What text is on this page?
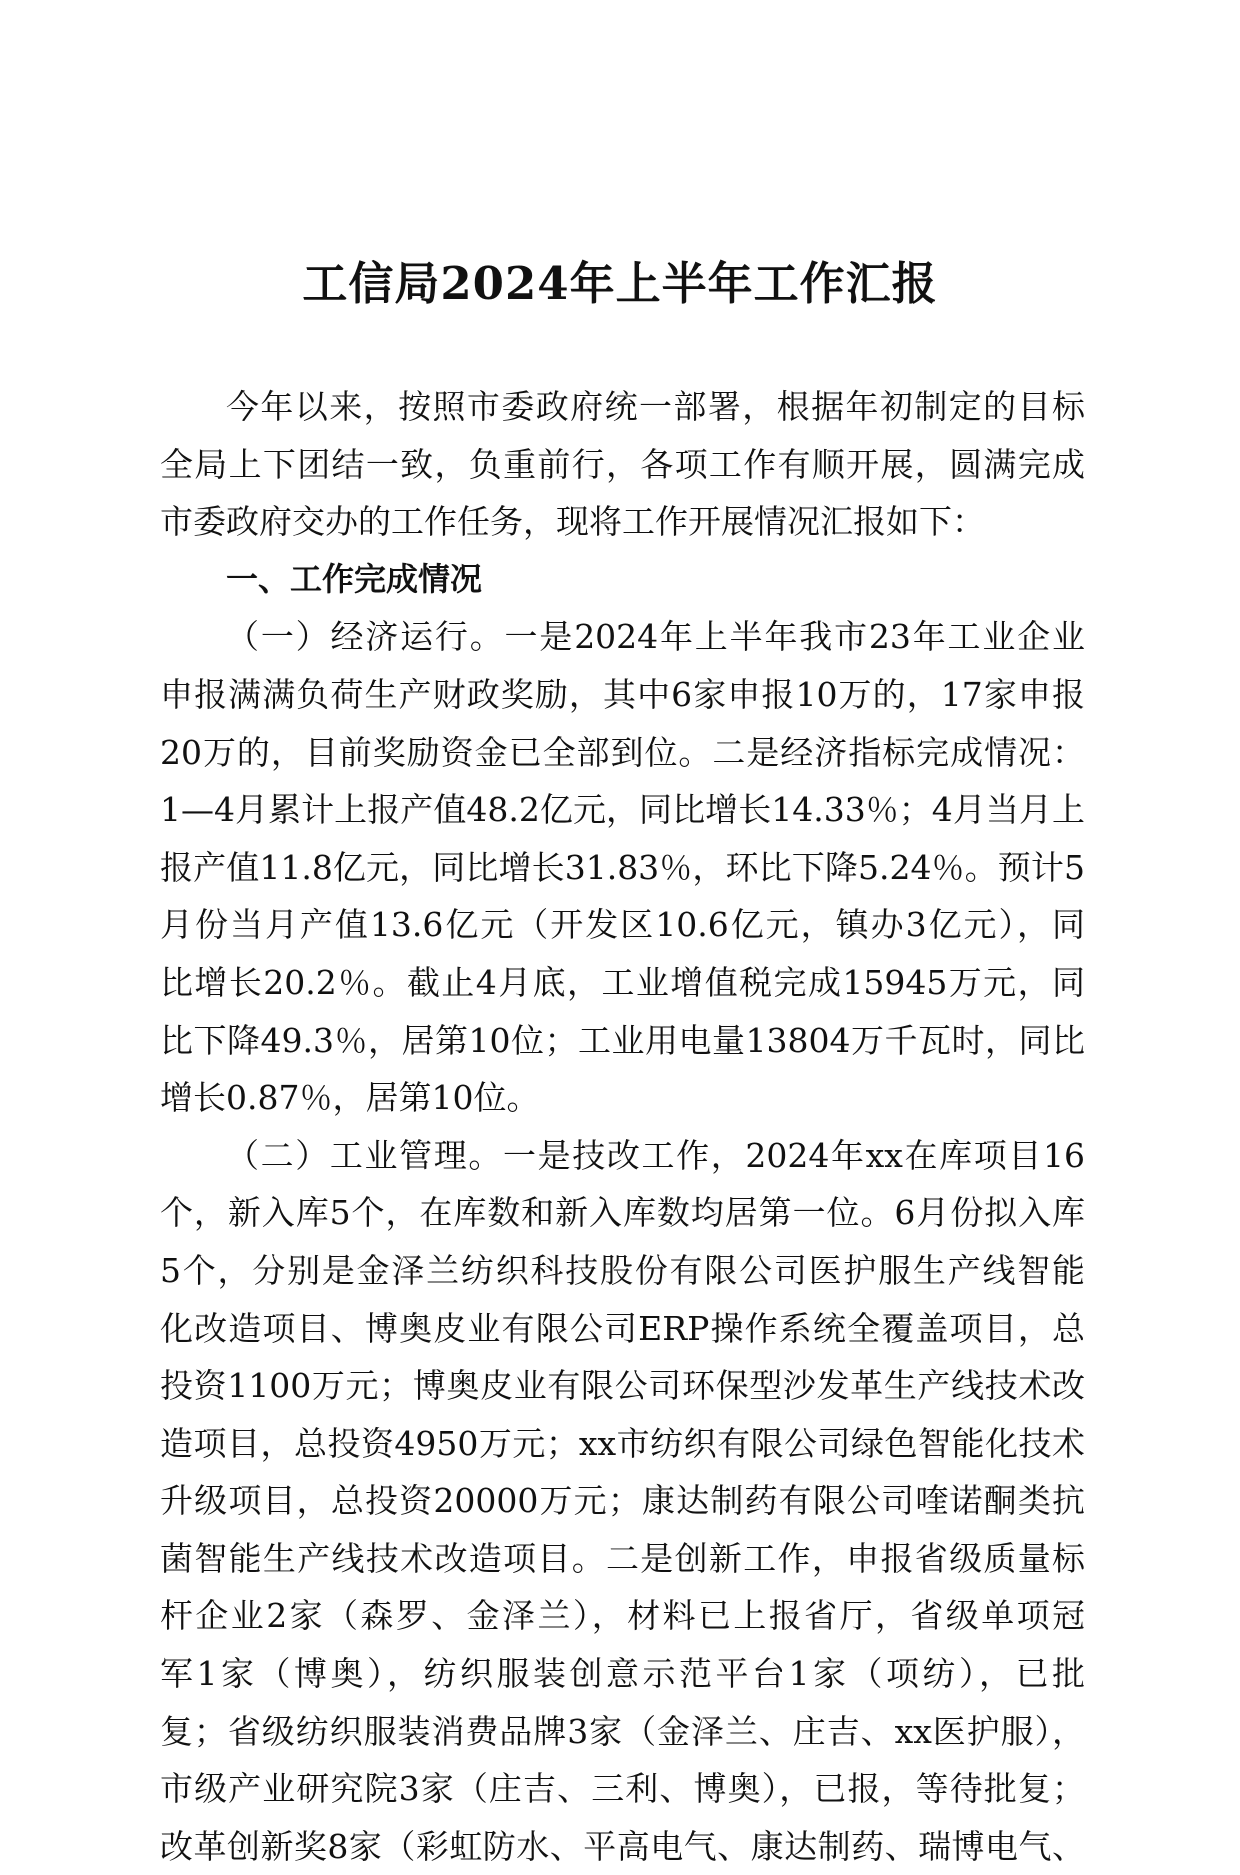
工信局2024年上半年工作汇报
今年以来，按照市委政府统一部署，根据年初制定的目标
全局上下团结一致，负重前行，各项工作有顺开展，圆满完成
市委政府交办的工作任务，现将工作开展情况汇报如下：
一、工作完成情况
（一）经济运行。一是2024年上半年我市23年工业企业
申报满满负荷生产财政奖励，其中6家申报10万的，17家申报
20万的，目前奖励资金已全部到位。二是经济指标完成情况：
1—4月累计上报产值48.2亿元，同比增长14.33％；4月当月上
报产值11.8亿元，同比增长31.83％，环比下降5.24％。预计5
月份当月产值13.6亿元（开发区10.6亿元，镇办3亿元），同
比增长20.2％。截止4月底，工业增值税完成15945万元，同
比下降49.3％，居第10位；工业用电量13804万千瓦时，同比
增长0.87％，居第10位。
（二）工业管理。一是技改工作，2024年xx在库项目16
个，新入库5个，在库数和新入库数均居第一位。6月份拟入库
5个，分别是金泽兰纺织科技股份有限公司医护服生产线智能
化改造项目、博奥皮业有限公司ERP操作系统全覆盖项目，总
投资1100万元；博奥皮业有限公司环保型沙发革生产线技术改
造项目，总投资4950万元；xx市纺织有限公司绿色智能化技术
升级项目，总投资20000万元；康达制药有限公司喹诺酮类抗
菌智能生产线技术改造项目。二是创新工作，申报省级质量标
杆企业2家（森罗、金泽兰），材料已上报省厅，省级单项冠
军1家（博奥），纺织服装创意示范平台1家（项纺），已批
复；省级纺织服装消费品牌3家（金泽兰、庄吉、xx医护服），
市级产业研究院3家（庄吉、三利、博奥），已报，等待批复；
改革创新奖8家（彩虹防水、平高电气、康达制药、瑞博电气、
